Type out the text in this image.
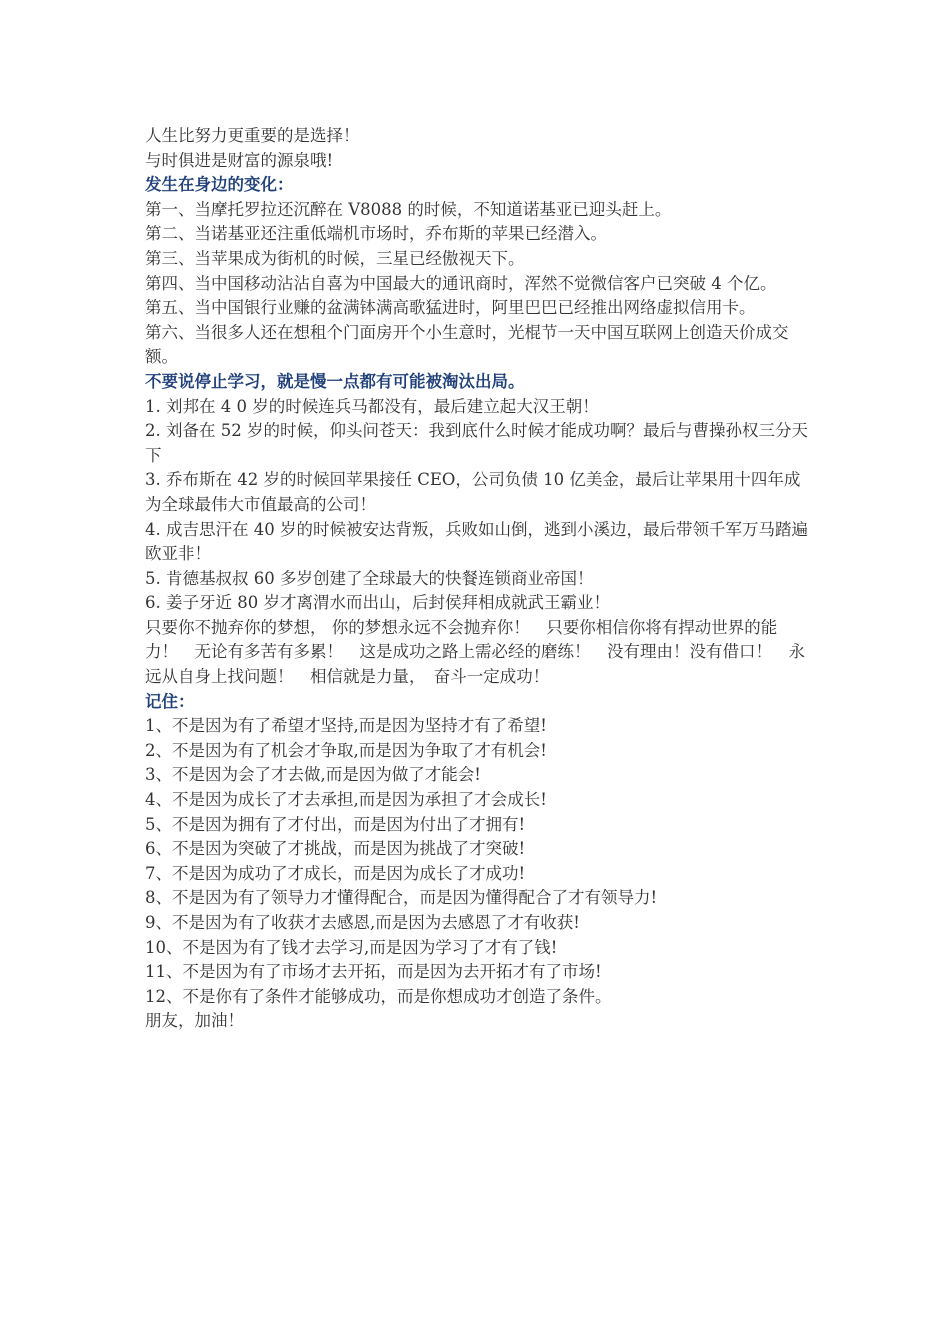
人生比努力更重要的是选择！

与时俱进是财富的源泉哦!

发生在身边的变化：

第一、当摩托罗拉还沉醉在 V8088 的时候，不知道诺基亚已迎头赶上。

第二、当诺基亚还注重低端机市场时，乔布斯的苹果已经潜入。

第三、当苹果成为街机的时候，三星已经傲视天下。

第四、当中国移动沾沾自喜为中国最大的通讯商时，浑然不觉微信客户已突破 4 个亿。

第五、当中国银行业赚的盆满钵满高歌猛进时，阿里巴巴已经推出网络虚拟信用卡。

第六、当很多人还在想租个门面房开个小生意时，光棍节一天中国互联网上创造天价成交额。

不要说停止学习，就是慢一点都有可能被淘汰出局。

1. 刘邦在 4 0 岁的时候连兵马都没有，最后建立起大汉王朝！

2. 刘备在 52 岁的时候，仰头问苍天：我到底什么时候才能成功啊？最后与曹操孙权三分天下

3. 乔布斯在 42 岁的时候回苹果接任 CEO，公司负债 10 亿美金，最后让苹果用十四年成为全球最伟大市值最高的公司！

4. 成吉思汗在 40 岁的时候被安达背叛，兵败如山倒，逃到小溪边，最后带领千军万马踏遍欧亚非！

5. 肯德基叔叔 60 多岁创建了全球最大的快餐连锁商业帝国！

6. 姜子牙近 80 岁才离渭水而出山，后封侯拜相成就武王霸业！

只要你不抛弃你的梦想， 你的梦想永远不会抛弃你！　只要你相信你将有捍动世界的能力！　无论有多苦有多累！　这是成功之路上需必经的磨练！　没有理由！没有借口！　永远从自身上找问题！　相信就是力量，　奋斗一定成功！

记住：

1、不是因为有了希望才坚持,而是因为坚持才有了希望!

2、不是因为有了机会才争取,而是因为争取了才有机会!

3、不是因为会了才去做,而是因为做了才能会!

4、不是因为成长了才去承担,而是因为承担了才会成长!

5、不是因为拥有了才付出，而是因为付出了才拥有!

6、不是因为突破了才挑战，而是因为挑战了才突破!

7、不是因为成功了才成长，而是因为成长了才成功!

8、不是因为有了领导力才懂得配合，而是因为懂得配合了才有领导力!

9、不是因为有了收获才去感恩,而是因为去感恩了才有收获!

10、不是因为有了钱才去学习,而是因为学习了才有了钱!

11、不是因为有了市场才去开拓，而是因为去开拓才有了市场!

12、不是你有了条件才能够成功，而是你想成功才创造了条件。

朋友，加油！
